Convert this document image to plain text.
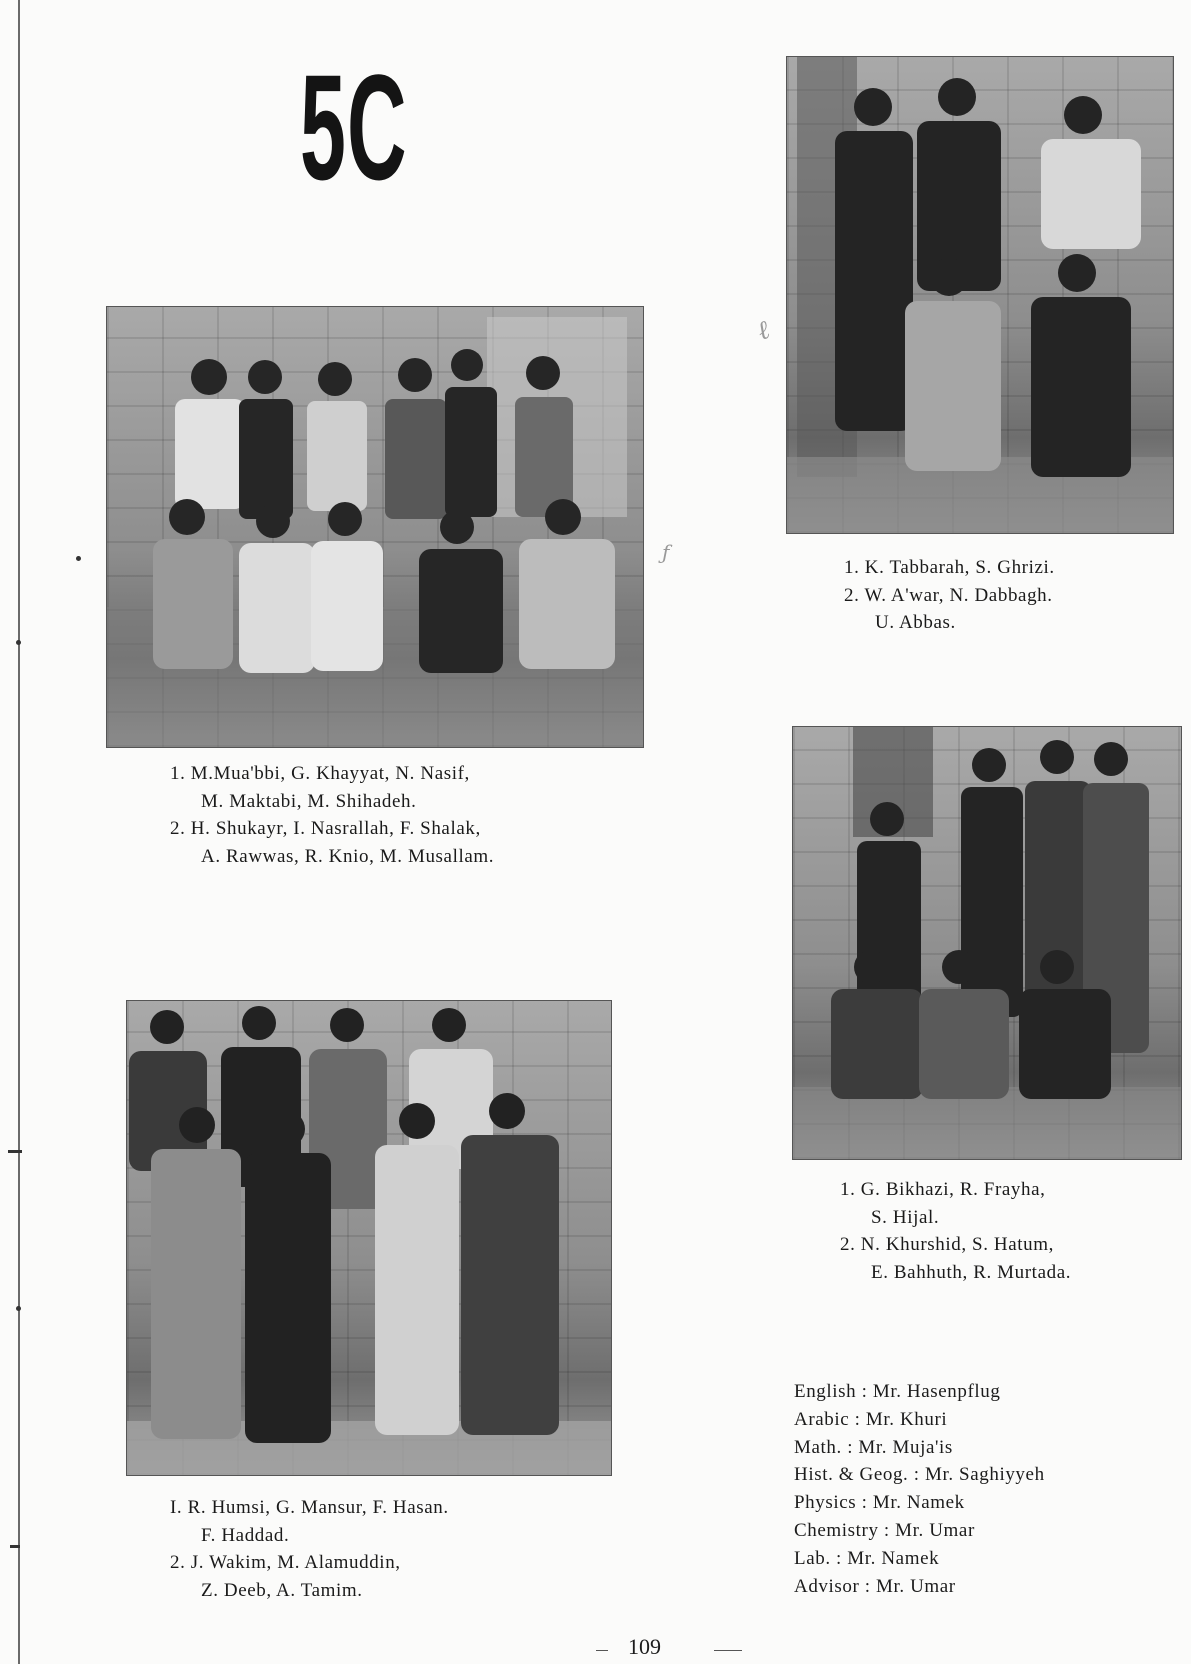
5C
ℓ
ƒ
1. M.Mua'bbi, G. Khayyat, N. Nasif,
M. Maktabi, M. Shihadeh.
2. H. Shukayr, I. Nasrallah, F. Shalak,
A. Rawwas, R. Knio, M. Musallam.
1. K. Tabbarah, S. Ghrizi.
2. W. A'war, N. Dabbagh.
U. Abbas.
1. G. Bikhazi, R. Frayha,
S. Hijal.
2. N. Khurshid, S. Hatum,
E. Bahhuth, R. Murtada.
I. R. Humsi, G. Mansur, F. Hasan.
F. Haddad.
2. J. Wakim, M. Alamuddin,
Z. Deeb, A. Tamim.
English : Mr. Hasenpflug
Arabic : Mr. Khuri
Math. : Mr. Muja'is
Hist. & Geog. : Mr. Saghiyyeh
Physics : Mr. Namek
Chemistry : Mr. Umar
Lab. : Mr. Namek
Advisor : Mr. Umar
109
